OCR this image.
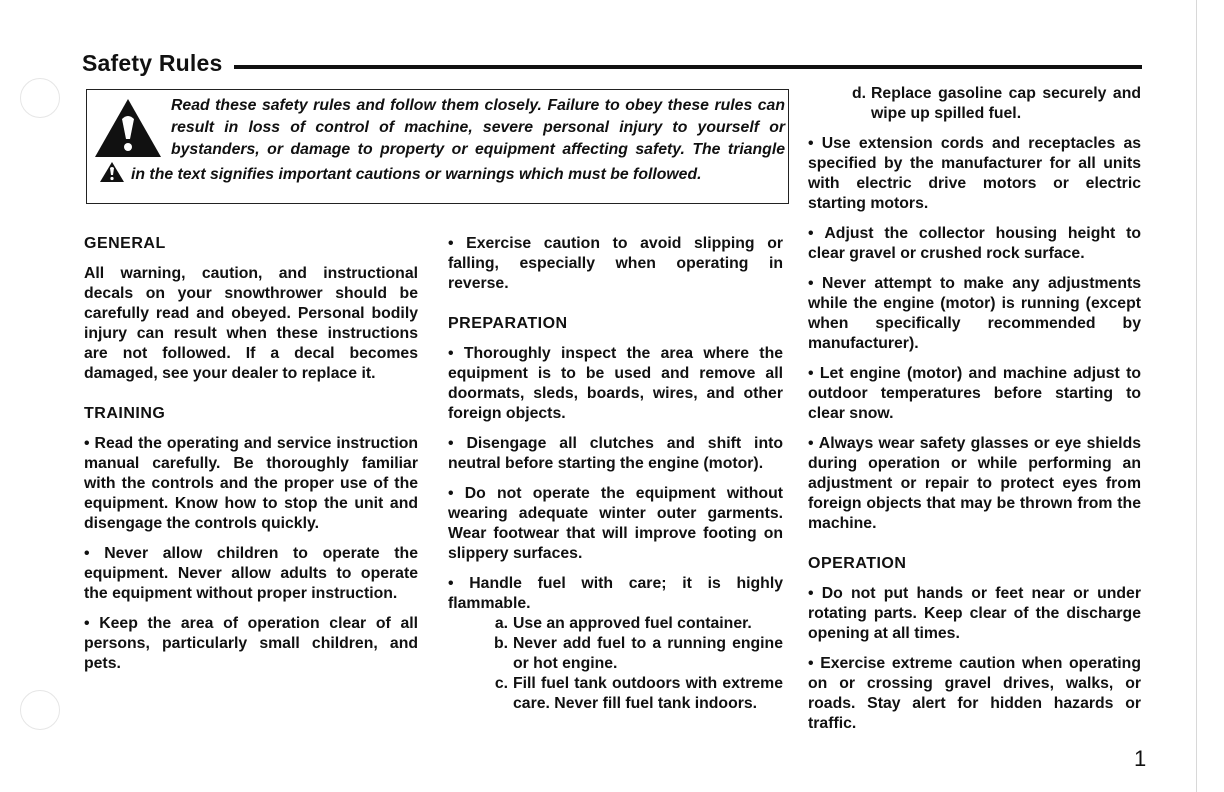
Safety Rules
Read these safety rules and follow them closely. Failure to obey these rules can result in loss of control of machine, severe personal injury to yourself or bystanders, or damage to property or equipment affecting safety. The trianglein the text signifies important cautions or warnings which must be followed.
GENERAL
All warning, caution, and instructional decals on your snowthrower should be carefully read and obeyed. Personal bodily injury can result when these instructions are not followed. If a decal becomes damaged, see your dealer to replace it.
TRAINING
• Read the operating and service instruction manual carefully. Be thoroughly familiar with the controls and the proper use of the equipment. Know how to stop the unit and disengage the controls quickly.
• Never allow children to operate the equipment. Never allow adults to operate the equipment without proper instruction.
• Keep the area of operation clear of all persons, particularly small children, and pets.
• Exercise caution to avoid slipping or falling, especially when operating in reverse.
PREPARATION
• Thoroughly inspect the area where the equipment is to be used and remove all doormats, sleds, boards, wires, and other foreign objects.
• Disengage all clutches and shift into neutral before starting the engine (motor).
• Do not operate the equipment without wearing adequate winter outer garments. Wear footwear that will improve footing on slippery surfaces.
• Handle fuel with care; it is highly flammable.
a. Use an approved fuel container.
b. Never add fuel to a running engine or hot engine.
c. Fill fuel tank outdoors with extreme care. Never fill fuel tank indoors.
d. Replace gasoline cap securely and wipe up spilled fuel.
• Use extension cords and receptacles as specified by the manufacturer for all units with electric drive motors or electric starting motors.
• Adjust the collector housing height to clear gravel or crushed rock surface.
• Never attempt to make any adjustments while the engine (motor) is running (except when specifically recommended by manufacturer).
• Let engine (motor) and machine adjust to outdoor temperatures before starting to clear snow.
• Always wear safety glasses or eye shields during operation or while performing an adjustment or repair to protect eyes from foreign objects that may be thrown from the machine.
OPERATION
• Do not put hands or feet near or under rotating parts. Keep clear of the discharge opening at all times.
• Exercise extreme caution when operating on or crossing gravel drives, walks, or roads. Stay alert for hidden hazards or traffic.
1
